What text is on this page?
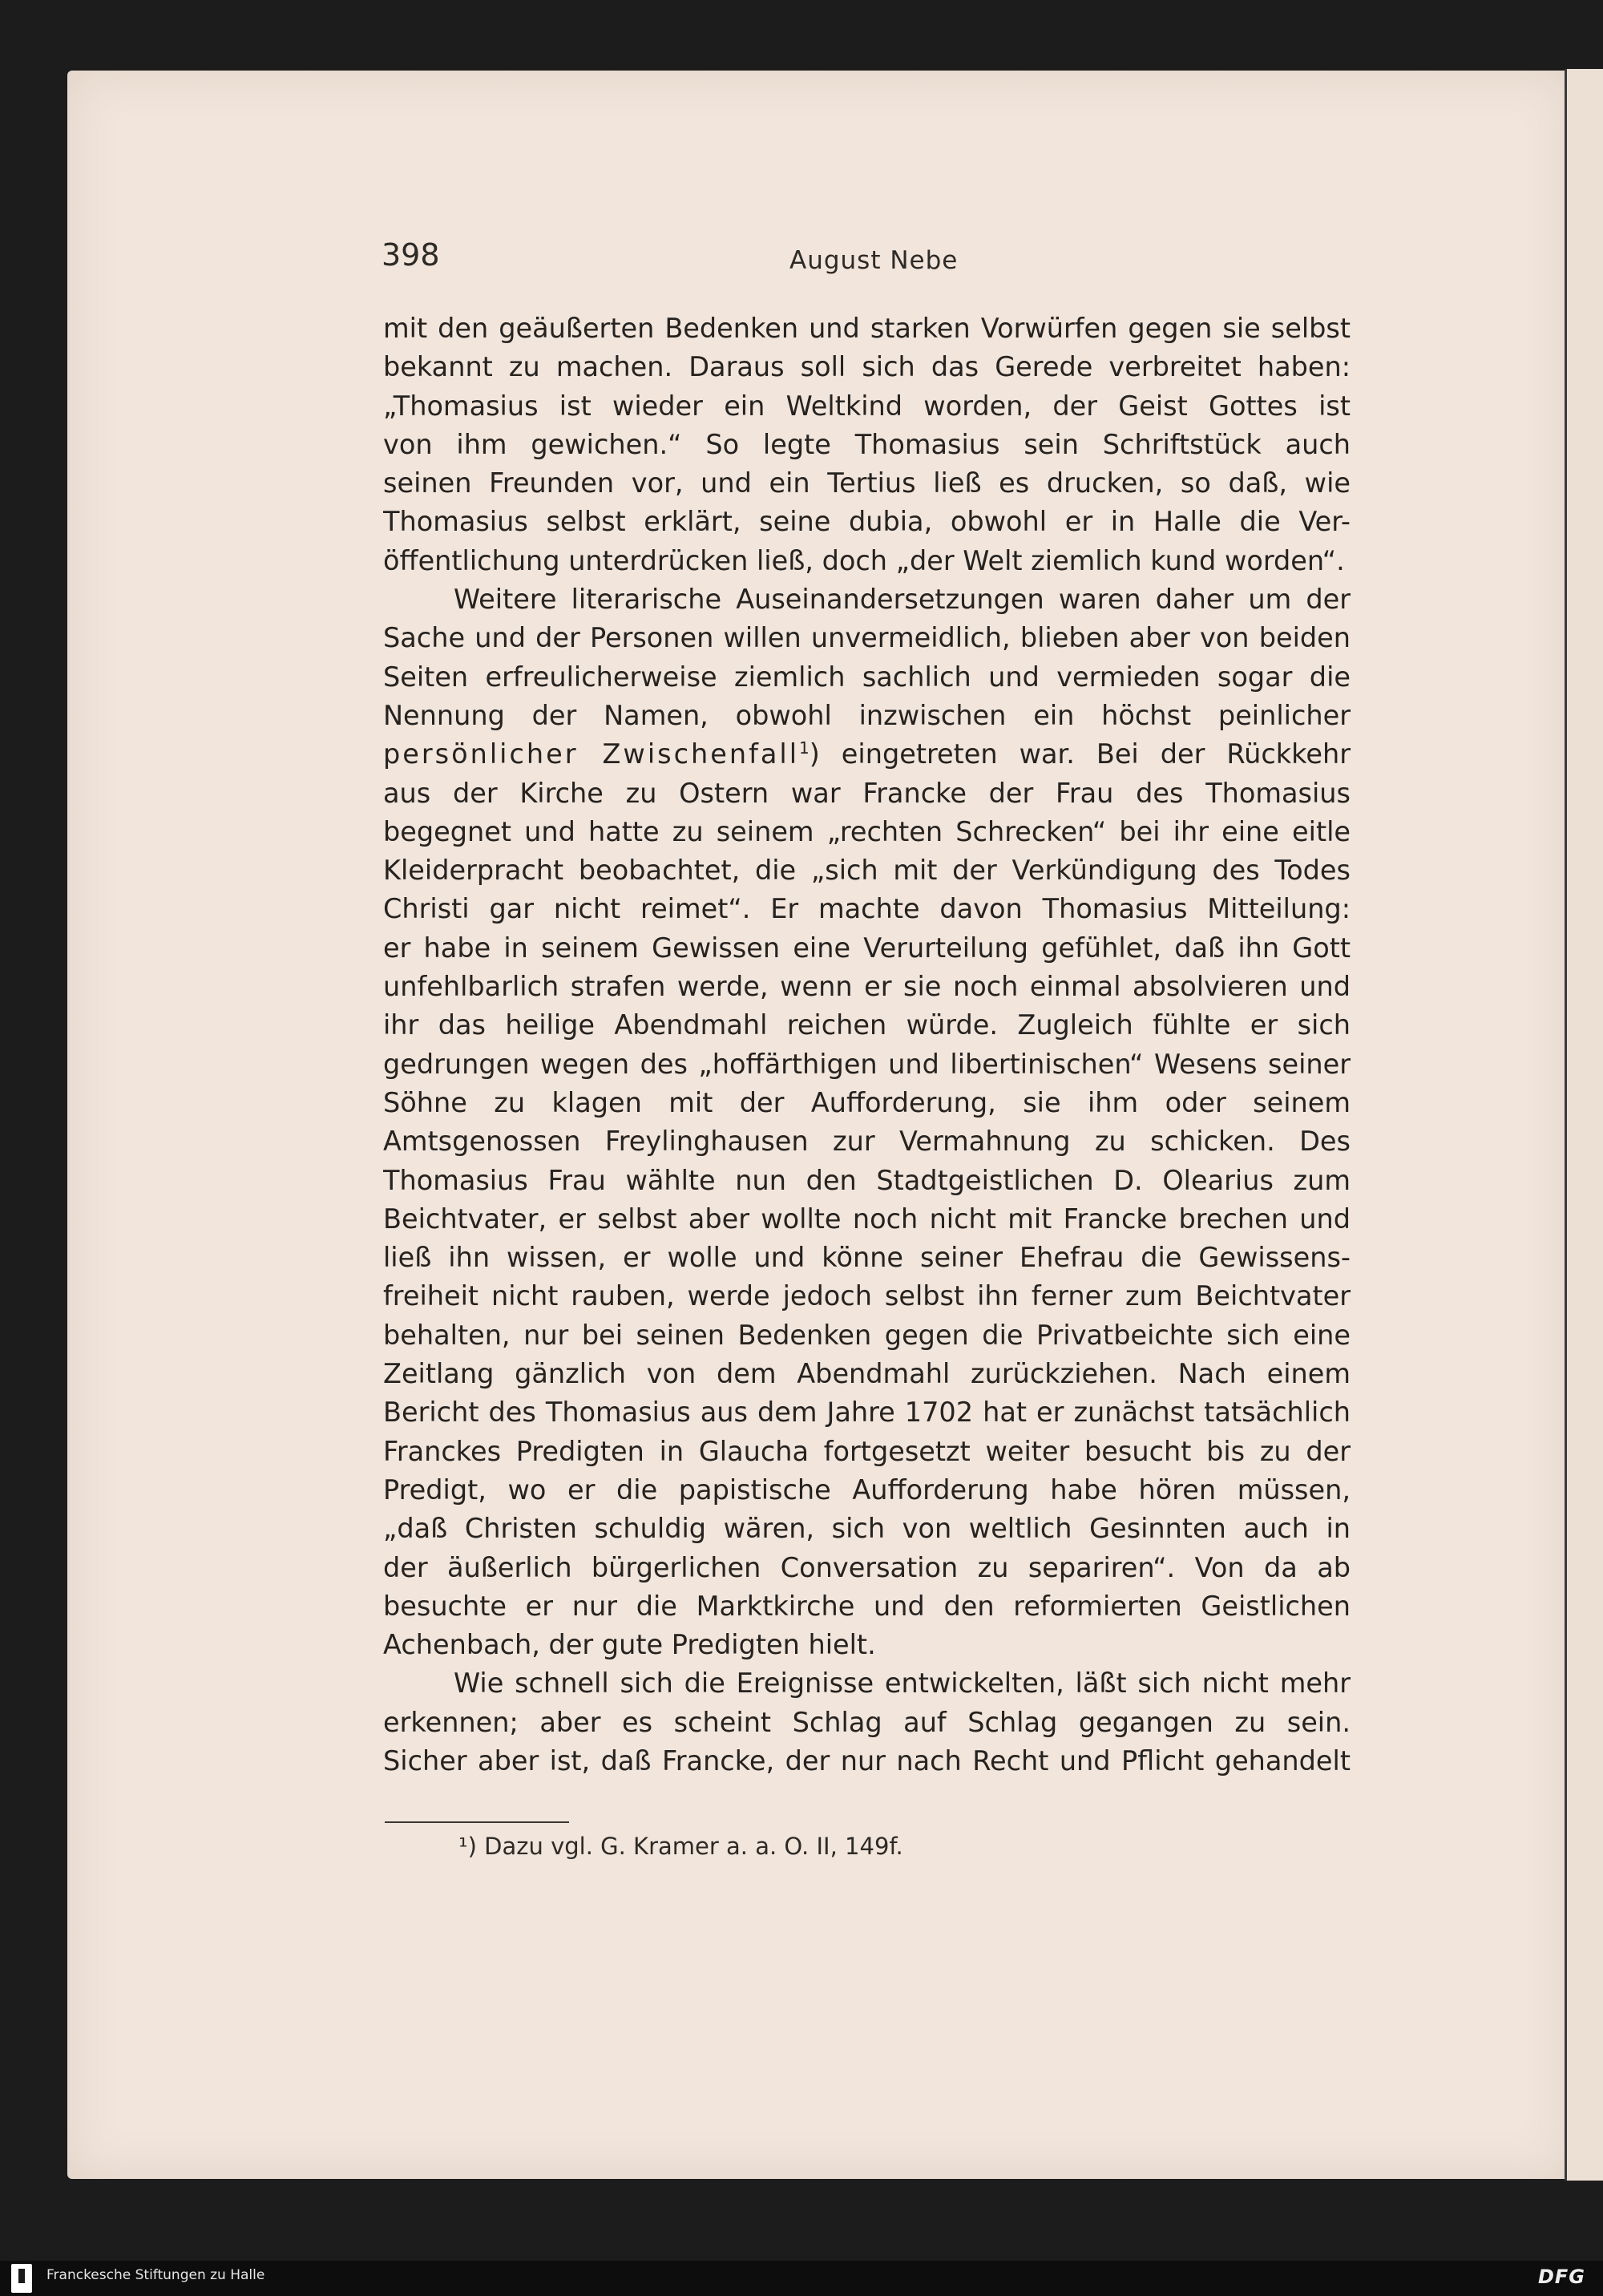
398	August Nebe
mit den geäußerten Bedenken und starken Vorwürfen gegen sie selbst
bekannt zu machen. Daraus soll sich das Gerede verbreitet haben:
„Thomasius ist wieder ein Weltkind worden, der Geist Gottes ist
von ihm gewichen.“ So legte Thomasius sein Schriftstück auch
seinen Freunden vor, und ein Tertius ließ es drucken, so daß, wie
Thomasius selbst erklärt, seine dubia, obwohl er in Halle die Ver-
öffentlichung unterdrücken ließ, doch „der Welt ziemlich kund worden“.
Weitere literarische Auseinandersetzungen waren daher um der
Sache und der Personen willen unvermeidlich, blieben aber von beiden
Seiten erfreulicherweise ziemlich sachlich und vermieden sogar die
Nennung der Namen, obwohl inzwischen ein höchst peinlicher
persönlicher Zwischenfall$^1$) eingetreten war. Bei der Rückkehr
aus der Kirche zu Ostern war Francke der Frau des Thomasius
begegnet und hatte zu seinem „rechten Schrecken“ bei ihr eine eitle
Kleiderpracht beobachtet, die „sich mit der Verkündigung des Todes
Christi gar nicht reimet“. Er machte davon Thomasius Mitteilung:
er habe in seinem Gewissen eine Verurteilung gefühlet, daß ihn Gott
unfehlbarlich strafen werde, wenn er sie noch einmal absolvieren und
ihr das heilige Abendmahl reichen würde. Zugleich fühlte er sich
gedrungen wegen des „hoffärthigen und libertinischen“ Wesens seiner
Söhne zu klagen mit der Aufforderung, sie ihm oder seinem
Amtsgenossen Freylinghausen zur Vermahnung zu schicken. Des
Thomasius Frau wählte nun den Stadtgeistlichen D. Olearius zum
Beichtvater, er selbst aber wollte noch nicht mit Francke brechen und
ließ ihn wissen, er wolle und könne seiner Ehefrau die Gewissens-
freiheit nicht rauben, werde jedoch selbst ihn ferner zum Beichtvater
behalten, nur bei seinen Bedenken gegen die Privatbeichte sich eine
Zeitlang gänzlich von dem Abendmahl zurückziehen. Nach einem
Bericht des Thomasius aus dem Jahre 1702 hat er zunächst tatsächlich
Franckes Predigten in Glaucha fortgesetzt weiter besucht bis zu der
Predigt, wo er die papistische Aufforderung habe hören müssen,
„daß Christen schuldig wären, sich von weltlich Gesinnten auch in
der äußerlich bürgerlichen Conversation zu separiren“. Von da ab
besuchte er nur die Marktkirche und den reformierten Geistlichen
Achenbach, der gute Predigten hielt.
Wie schnell sich die Ereignisse entwickelten, läßt sich nicht mehr
erkennen; aber es scheint Schlag auf Schlag gegangen zu sein.
Sicher aber ist, daß Francke, der nur nach Recht und Pflicht gehandelt
¹) Dazu vgl. G. Kramer a. a. O. II, 149f.
Franckesche Stiftungen zu Halle	DFG
